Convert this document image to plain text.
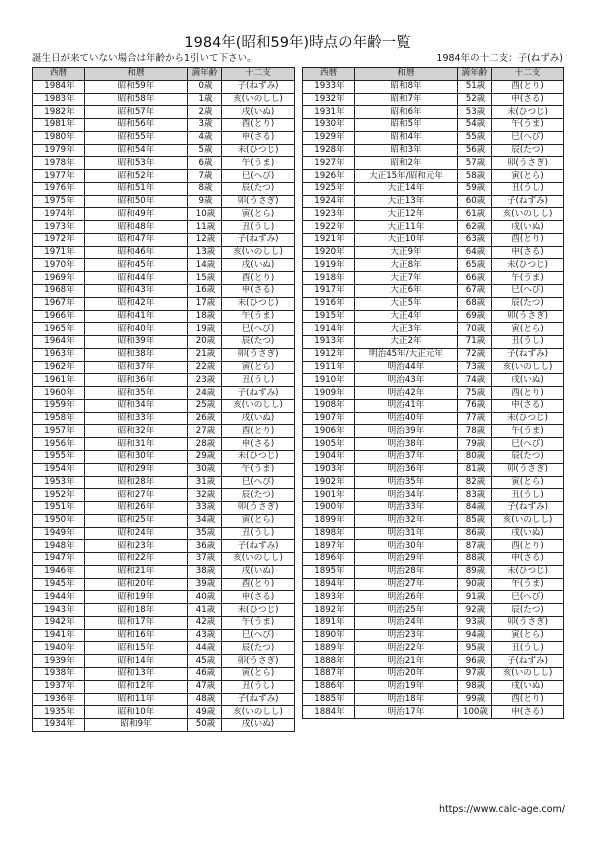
1984年(昭和59年)時点の年齢一覧
誕生日が来ていない場合は年齢から1引いて下さい。	1984年の十二支：子(ねずみ)
西暦	和暦	満年齢	十二支
1984年	昭和59年	0歳	子(ねずみ)
1983年	昭和58年	1歳	亥(いのしし)
1982年	昭和57年	2歳	戌(いぬ)
1981年	昭和56年	3歳	酉(とり)
1980年	昭和55年	4歳	申(さる)
1979年	昭和54年	5歳	未(ひつじ)
1978年	昭和53年	6歳	午(うま)
1977年	昭和52年	7歳	巳(へび)
1976年	昭和51年	8歳	辰(たつ)
1975年	昭和50年	9歳	卯(うさぎ)
1974年	昭和49年	10歳	寅(とら)
1973年	昭和48年	11歳	丑(うし)
1972年	昭和47年	12歳	子(ねずみ)
1971年	昭和46年	13歳	亥(いのしし)
1970年	昭和45年	14歳	戌(いぬ)
1969年	昭和44年	15歳	酉(とり)
1968年	昭和43年	16歳	申(さる)
1967年	昭和42年	17歳	未(ひつじ)
1966年	昭和41年	18歳	午(うま)
1965年	昭和40年	19歳	巳(へび)
1964年	昭和39年	20歳	辰(たつ)
1963年	昭和38年	21歳	卯(うさぎ)
1962年	昭和37年	22歳	寅(とら)
1961年	昭和36年	23歳	丑(うし)
1960年	昭和35年	24歳	子(ねずみ)
1959年	昭和34年	25歳	亥(いのしし)
1958年	昭和33年	26歳	戌(いぬ)
1957年	昭和32年	27歳	酉(とり)
1956年	昭和31年	28歳	申(さる)
1955年	昭和30年	29歳	未(ひつじ)
1954年	昭和29年	30歳	午(うま)
1953年	昭和28年	31歳	巳(へび)
1952年	昭和27年	32歳	辰(たつ)
1951年	昭和26年	33歳	卯(うさぎ)
1950年	昭和25年	34歳	寅(とら)
1949年	昭和24年	35歳	丑(うし)
1948年	昭和23年	36歳	子(ねずみ)
1947年	昭和22年	37歳	亥(いのしし)
1946年	昭和21年	38歳	戌(いぬ)
1945年	昭和20年	39歳	酉(とり)
1944年	昭和19年	40歳	申(さる)
1943年	昭和18年	41歳	未(ひつじ)
1942年	昭和17年	42歳	午(うま)
1941年	昭和16年	43歳	巳(へび)
1940年	昭和15年	44歳	辰(たつ)
1939年	昭和14年	45歳	卯(うさぎ)
1938年	昭和13年	46歳	寅(とら)
1937年	昭和12年	47歳	丑(うし)
1936年	昭和11年	48歳	子(ねずみ)
1935年	昭和10年	49歳	亥(いのしし)
1934年	昭和9年	50歳	戌(いぬ)
西暦	和暦	満年齢	十二支
1933年	昭和8年	51歳	酉(とり)
1932年	昭和7年	52歳	申(さる)
1931年	昭和6年	53歳	未(ひつじ)
1930年	昭和5年	54歳	午(うま)
1929年	昭和4年	55歳	巳(へび)
1928年	昭和3年	56歳	辰(たつ)
1927年	昭和2年	57歳	卯(うさぎ)
1926年	大正15年/昭和元年	58歳	寅(とら)
1925年	大正14年	59歳	丑(うし)
1924年	大正13年	60歳	子(ねずみ)
1923年	大正12年	61歳	亥(いのしし)
1922年	大正11年	62歳	戌(いぬ)
1921年	大正10年	63歳	酉(とり)
1920年	大正9年	64歳	申(さる)
1919年	大正8年	65歳	未(ひつじ)
1918年	大正7年	66歳	午(うま)
1917年	大正6年	67歳	巳(へび)
1916年	大正5年	68歳	辰(たつ)
1915年	大正4年	69歳	卯(うさぎ)
1914年	大正3年	70歳	寅(とら)
1913年	大正2年	71歳	丑(うし)
1912年	明治45年/大正元年	72歳	子(ねずみ)
1911年	明治44年	73歳	亥(いのしし)
1910年	明治43年	74歳	戌(いぬ)
1909年	明治42年	75歳	酉(とり)
1908年	明治41年	76歳	申(さる)
1907年	明治40年	77歳	未(ひつじ)
1906年	明治39年	78歳	午(うま)
1905年	明治38年	79歳	巳(へび)
1904年	明治37年	80歳	辰(たつ)
1903年	明治36年	81歳	卯(うさぎ)
1902年	明治35年	82歳	寅(とら)
1901年	明治34年	83歳	丑(うし)
1900年	明治33年	84歳	子(ねずみ)
1899年	明治32年	85歳	亥(いのしし)
1898年	明治31年	86歳	戌(いぬ)
1897年	明治30年	87歳	酉(とり)
1896年	明治29年	88歳	申(さる)
1895年	明治28年	89歳	未(ひつじ)
1894年	明治27年	90歳	午(うま)
1893年	明治26年	91歳	巳(へび)
1892年	明治25年	92歳	辰(たつ)
1891年	明治24年	93歳	卯(うさぎ)
1890年	明治23年	94歳	寅(とら)
1889年	明治22年	95歳	丑(うし)
1888年	明治21年	96歳	子(ねずみ)
1887年	明治20年	97歳	亥(いのしし)
1886年	明治19年	98歳	戌(いぬ)
1885年	明治18年	99歳	酉(とり)
1884年	明治17年	100歳	申(さる)
https://www.calc-age.com/
